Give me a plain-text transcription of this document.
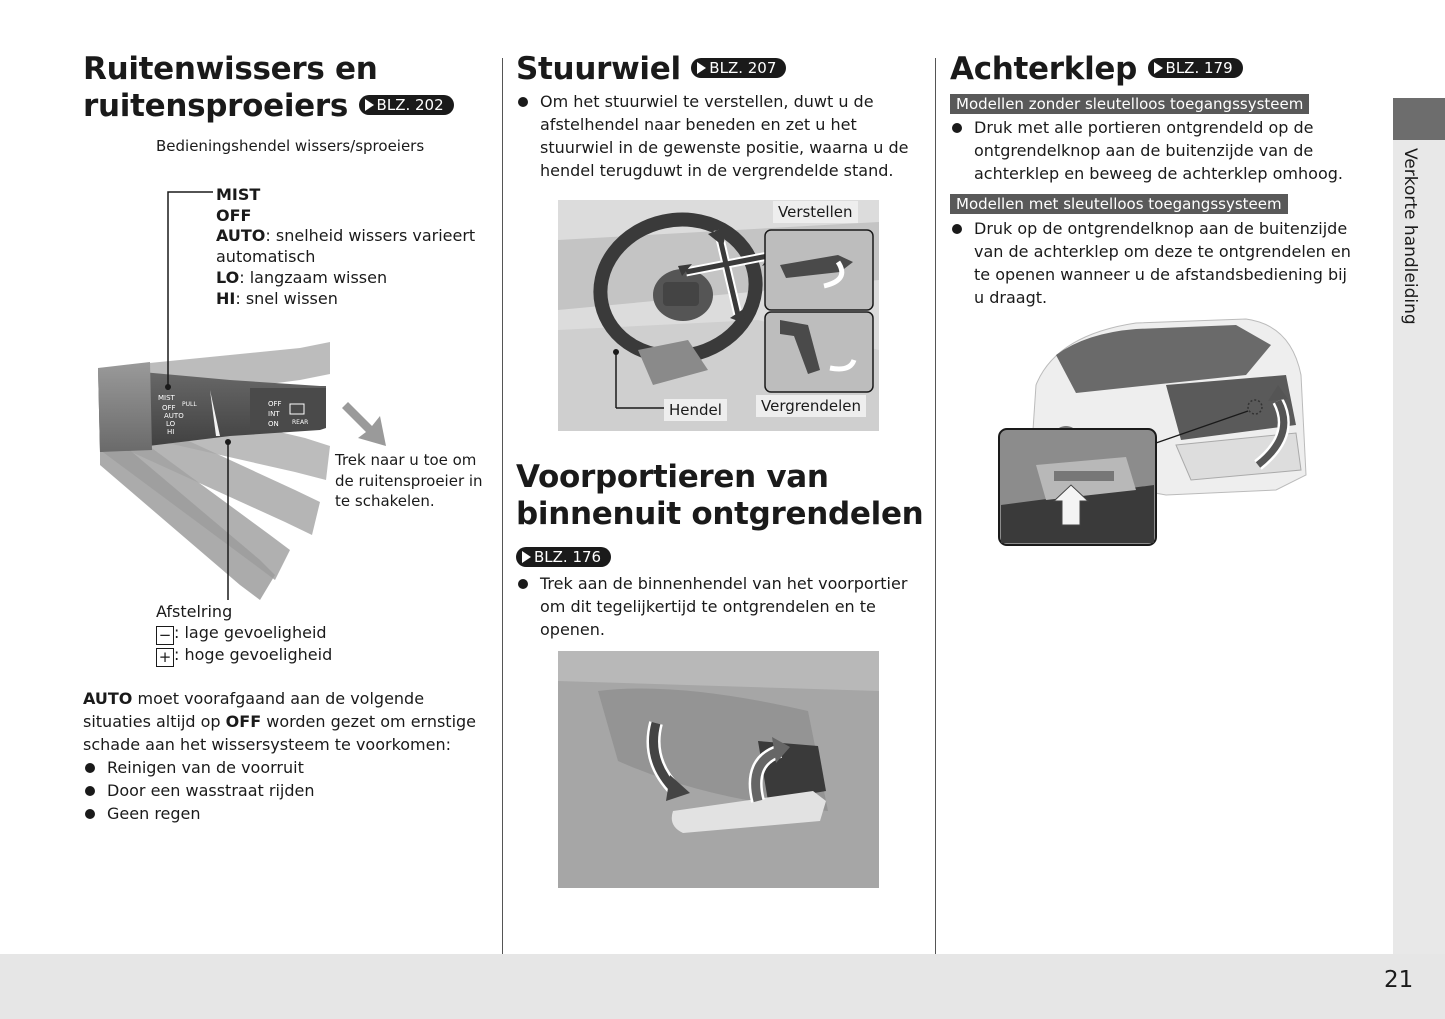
Verkorte handleiding
21
Ruitenwissers en
ruitensproeiers BLZ. 202
Bedieningshendel wissers/sproeiers
MIST
OFF
AUTO: snelheid wissers varieert
automatisch
LO: langzaam wissen
HI: snel wissen
MIST
OFF
AUTO
LO
HI
PULL	OFF
INT
ON REAR
Trek naar u toe om
de ruitensproeier in
te schakelen.
Afstelring
− : lage gevoeligheid
+ : hoge gevoeligheid
AUTO moet voorafgaand aan de volgende
situaties altijd op OFF worden gezet om ernstige
schade aan het wissersysteem te voorkomen:
Reinigen van de voorruit
Door een wasstraat rijden
Geen regen
Stuurwiel BLZ. 207
Om het stuurwiel te verstellen, duwt u de
afstelhendel naar beneden en zet u het
stuurwiel in de gewenste positie, waarna u de
hendel terugduwt in de vergrendelde stand.
Verstellen
Hendel	Vergrendelen
Voorportieren van
binnenuit ontgrendelen
BLZ. 176
Trek aan de binnenhendel van het voorportier
om dit tegelijkertijd te ontgrendelen en te
openen.
Achterklep BLZ. 179
Modellen zonder sleutelloos toegangssysteem
Druk met alle portieren ontgrendeld op de
ontgrendelknop aan de buitenzijde van de
achterklep en beweeg de achterklep omhoog.
Modellen met sleutelloos toegangssysteem
Druk op de ontgrendelknop aan de buitenzijde
van de achterklep om deze te ontgrendelen en
te openen wanneer u de afstandsbediening bij
u draagt.
